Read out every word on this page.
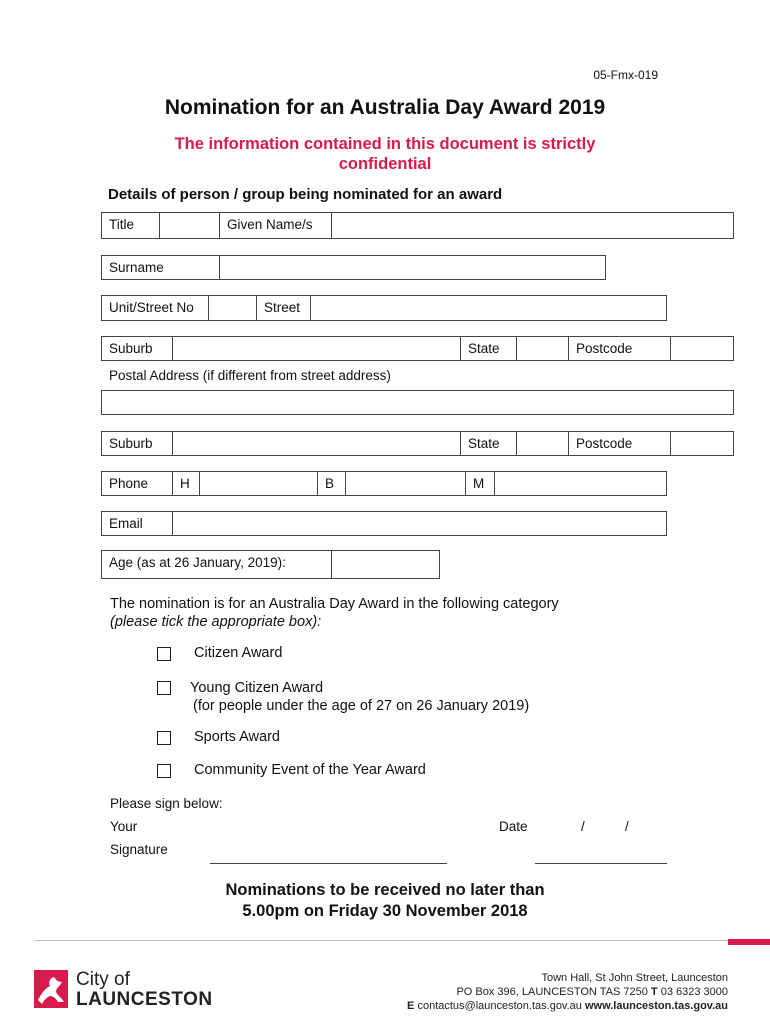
05-Fmx-019
Nomination for an Australia Day Award 2019
The information contained in this document is strictly
confidential
Details of person / group being nominated for an award
Title	Given Name/s
Surname
Unit/Street No	Street
Suburb	State	Postcode
Postal Address (if different from street address)
Suburb	State	Postcode
Phone	H	B	M
Email
Age (as at 26 January, 2019):
The nomination is for an Australia Day Award in the following category
(please tick the appropriate box):
Citizen Award
Young Citizen Award
(for people under the age of 27 on 26 January 2019)
Sports Award
Community Event of the Year Award
Please sign below:
Your
Signature
Date	/	/
Nominations to be received no later than
5.00pm on Friday 30 November 2018
City of
LAUNCESTON
Town Hall, St John Street, Launceston
PO Box 396, LAUNCESTON TAS 7250 T 03 6323 3000
E contactus@launceston.tas.gov.au www.launceston.tas.gov.au
